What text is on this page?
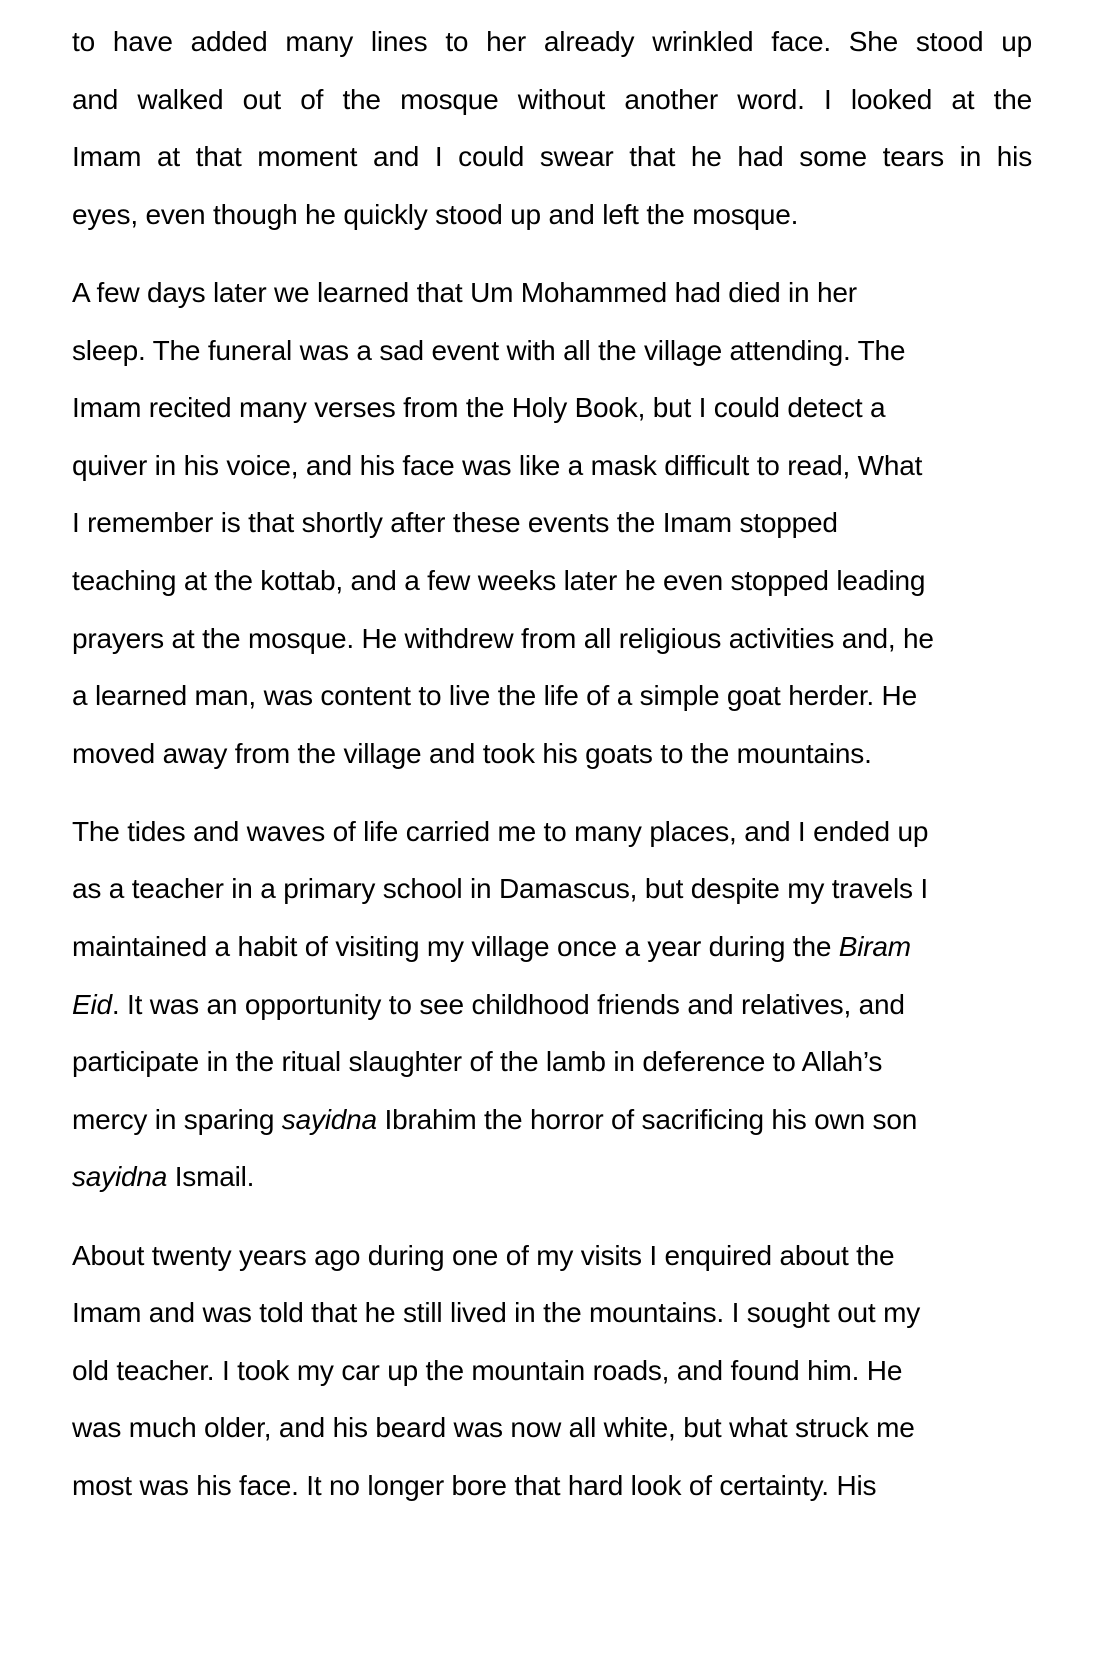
to have added many lines to her already wrinkled face. She stood up
and walked out of the mosque without another word. I looked at the
Imam at that moment and I could swear that he had some tears in his
eyes, even though he quickly stood up and left the mosque.
A few days later we learned that Um Mohammed had died in her
sleep. The funeral was a sad event with all the village attending. The
Imam recited many verses from the Holy Book, but I could detect a
quiver in his voice, and his face was like a mask difficult to read, What
I remember is that shortly after these events the Imam stopped
teaching at the kottab, and a few weeks later he even stopped leading
prayers at the mosque. He withdrew from all religious activities and, he
a learned man, was content to live the life of a simple goat herder. He
moved away from the village and took his goats to the mountains.
The tides and waves of life carried me to many places, and I ended up
as a teacher in a primary school in Damascus, but despite my travels I
maintained a habit of visiting my village once a year during the Biram
Eid. It was an opportunity to see childhood friends and relatives, and
participate in the ritual slaughter of the lamb in deference to Allah’s
mercy in sparing sayidna Ibrahim the horror of sacrificing his own son
sayidna Ismail.
About twenty years ago during one of my visits I enquired about the
Imam and was told that he still lived in the mountains. I sought out my
old teacher. I took my car up the mountain roads, and found him. He
was much older, and his beard was now all white, but what struck me
most was his face. It no longer bore that hard look of certainty. His
